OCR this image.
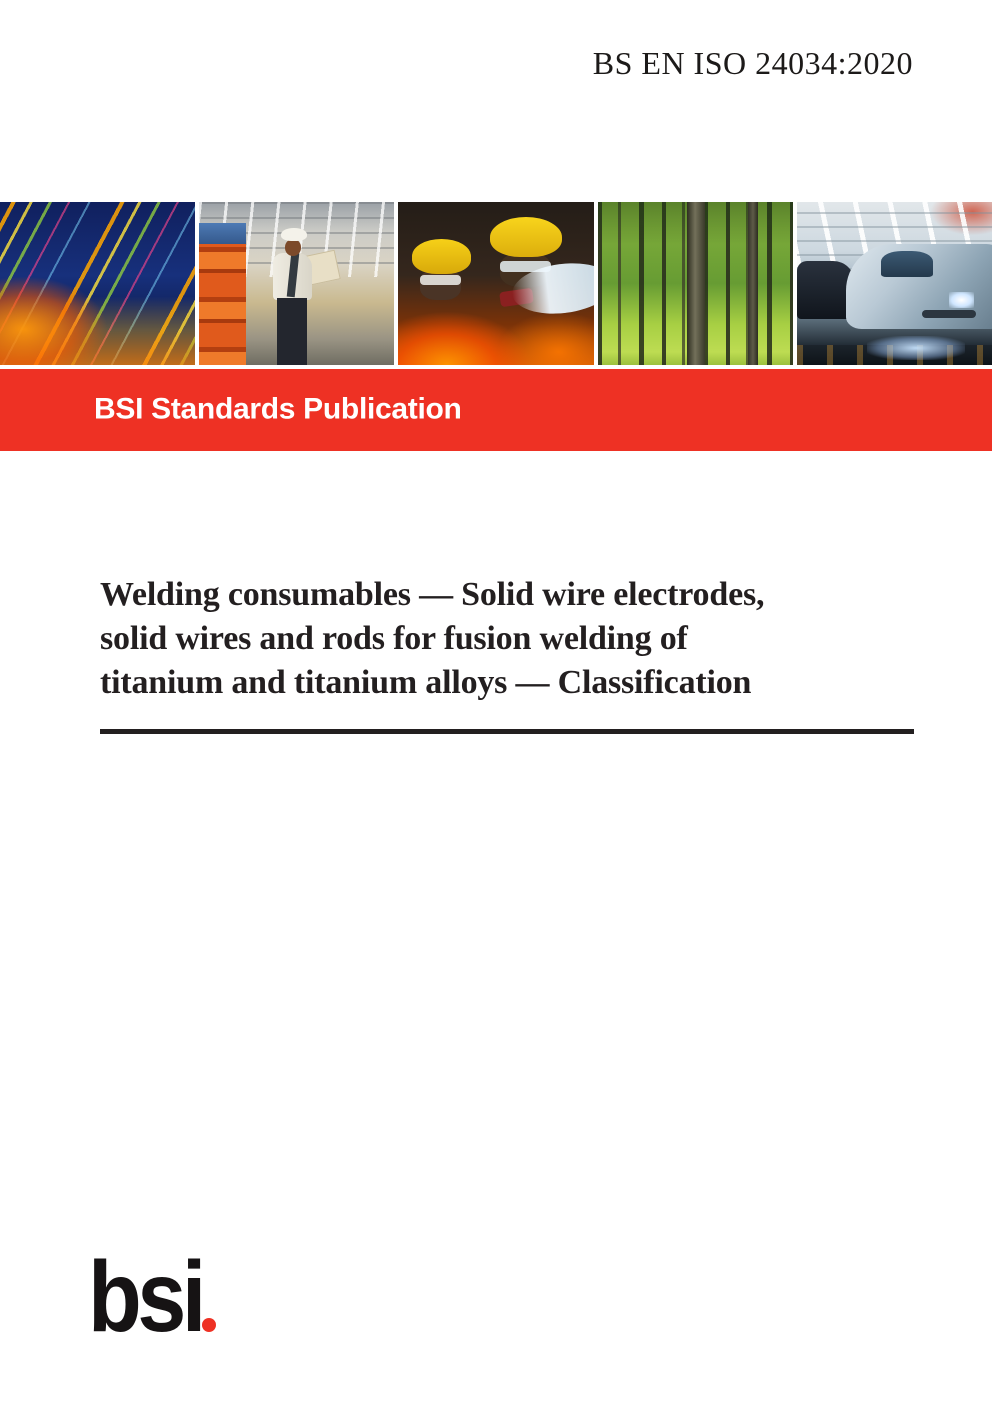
BS EN ISO 24034:2020
BSI Standards Publication
Welding consumables — Solid wire electrodes,
solid wires and rods for fusion welding of
titanium and titanium alloys — Classification
bsi
